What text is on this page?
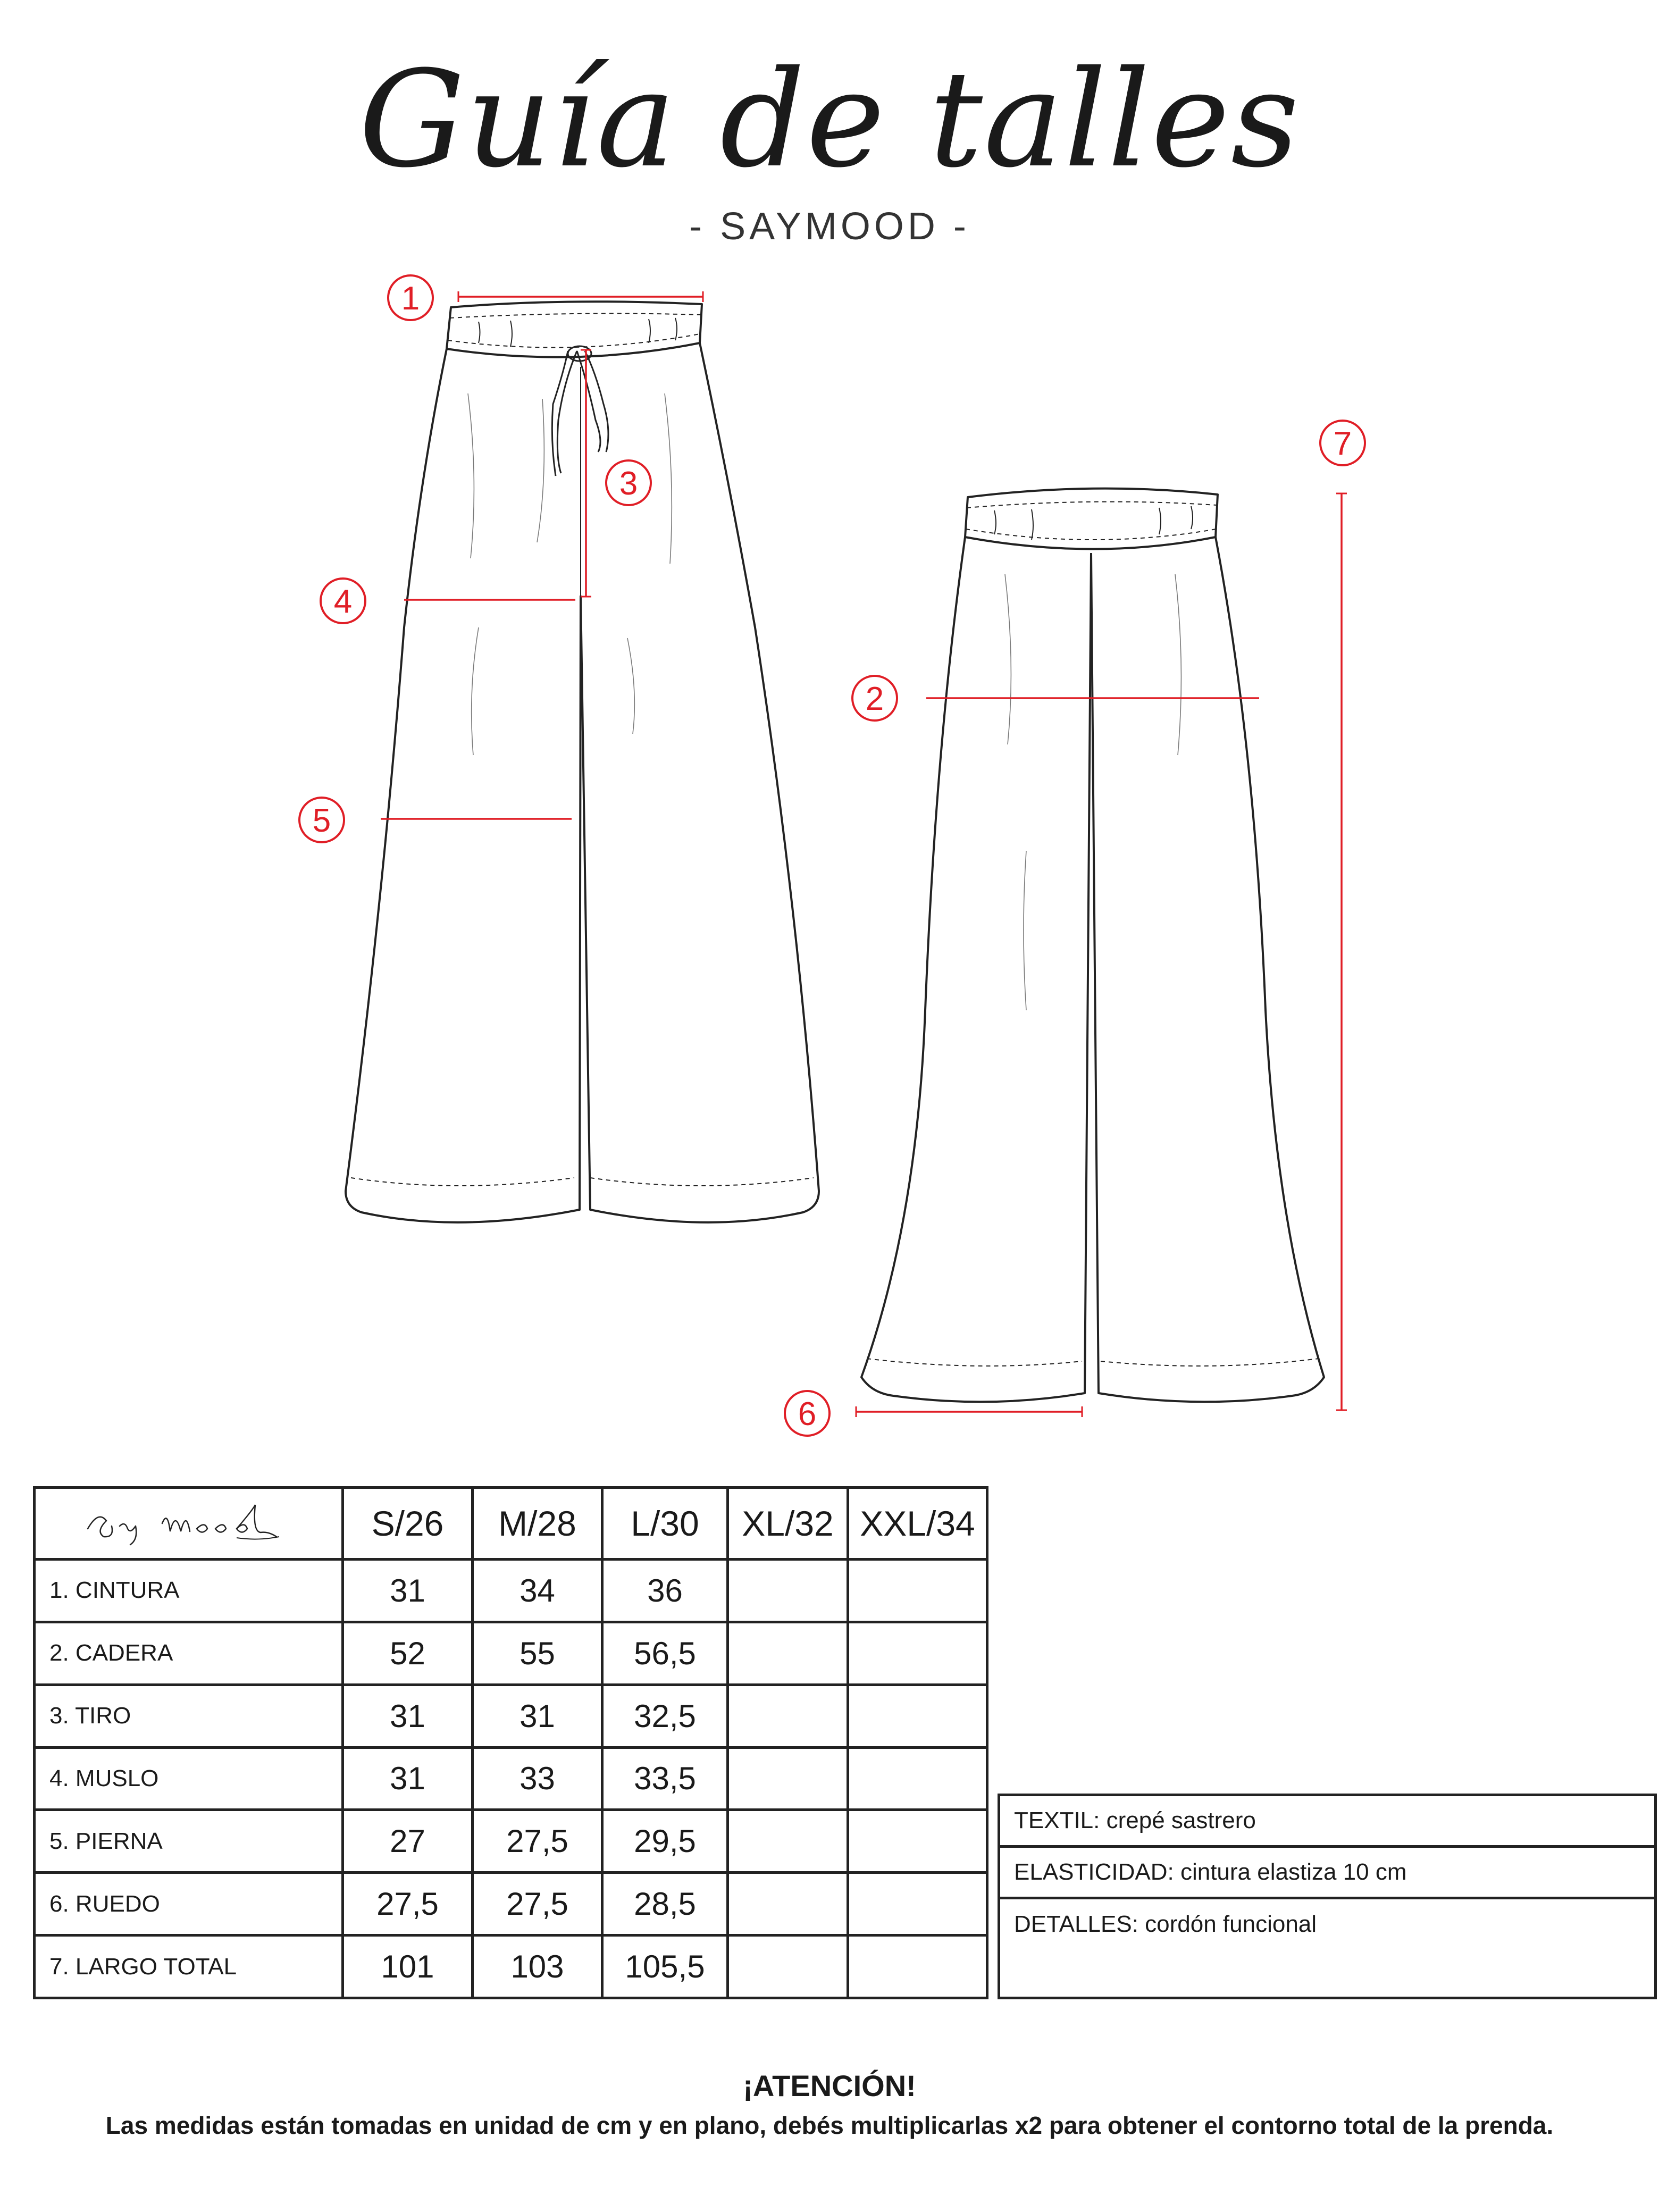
Guía de talles
- SAYMOOD -
1
2
3
4
5
6
7
	S/26	M/28	L/30	XL/32	XXL/34
1. CINTURA	31	34	36		
2. CADERA	52	55	56,5		
3. TIRO	31	31	32,5		
4. MUSLO	31	33	33,5		
5. PIERNA	27	27,5	29,5		
6. RUEDO	27,5	27,5	28,5		
7. LARGO TOTAL	101	103	105,5		
TEXTIL: crepé sastrero
ELASTICIDAD: cintura elastiza 10 cm
DETALLES: cordón funcional
¡ATENCIÓN!
Las medidas están tomadas en unidad de cm y en plano, debés multiplicarlas x2 para obtener el contorno total de la prenda.
